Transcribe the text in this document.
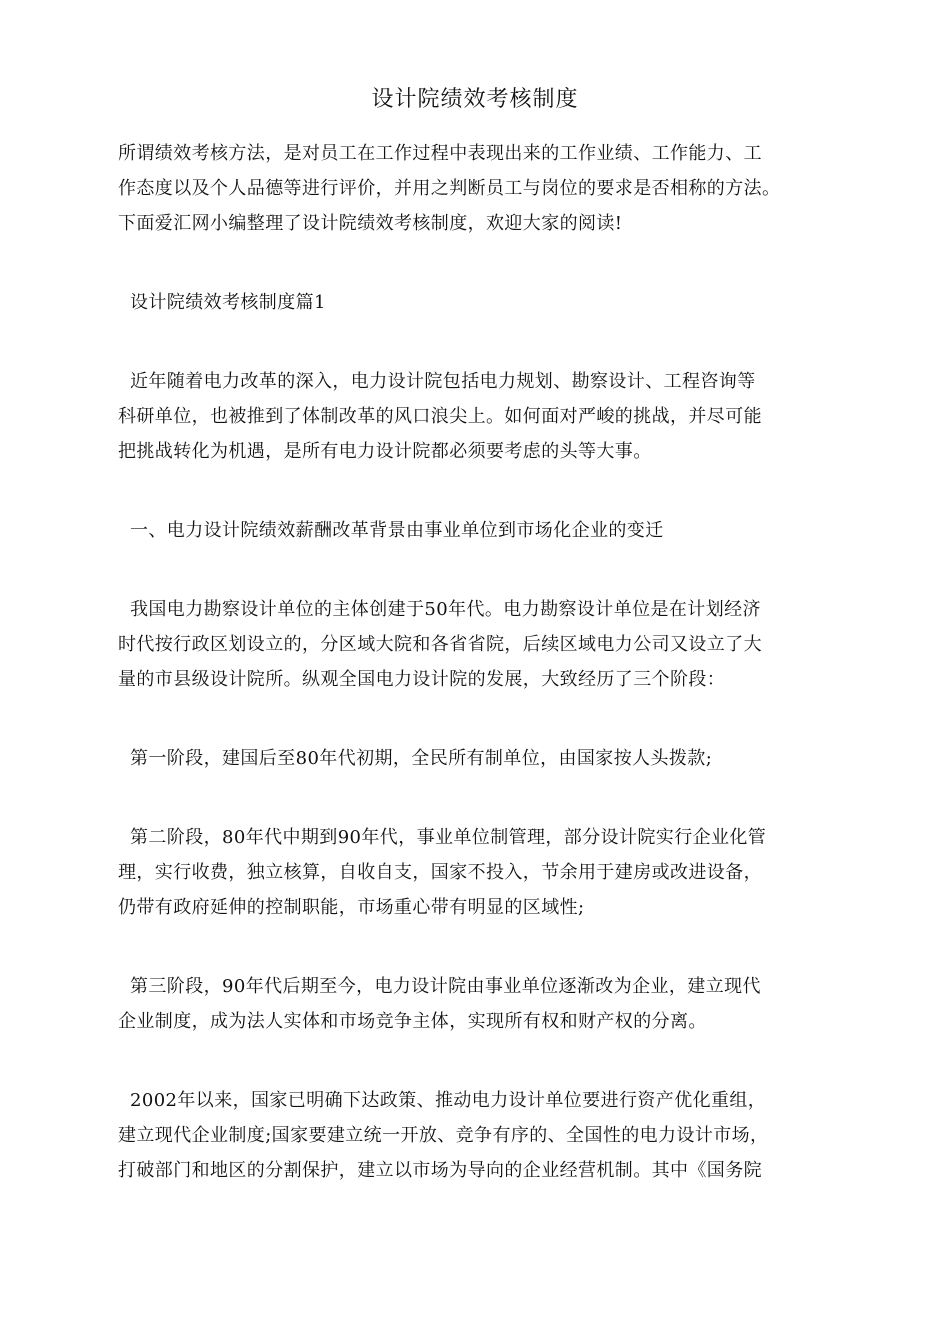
设计院绩效考核制度
所谓绩效考核方法，是对员工在工作过程中表现出来的工作业绩、工作能力、工
作态度以及个人品德等进行评价，并用之判断员工与岗位的要求是否相称的方法。
下面爱汇网小编整理了设计院绩效考核制度，欢迎大家的阅读!
设计院绩效考核制度篇1
近年随着电力改革的深入，电力设计院包括电力规划、勘察设计、工程咨询等
科研单位，也被推到了体制改革的风口浪尖上。如何面对严峻的挑战，并尽可能
把挑战转化为机遇，是所有电力设计院都必须要考虑的头等大事。
一、电力设计院绩效薪酬改革背景由事业单位到市场化企业的变迁
我国电力勘察设计单位的主体创建于50年代。电力勘察设计单位是在计划经济
时代按行政区划设立的，分区域大院和各省省院，后续区域电力公司又设立了大
量的市县级设计院所。纵观全国电力设计院的发展，大致经历了三个阶段：
第一阶段，建国后至80年代初期，全民所有制单位，由国家按人头拨款;
第二阶段，80年代中期到90年代，事业单位制管理，部分设计院实行企业化管
理，实行收费，独立核算，自收自支，国家不投入，节余用于建房或改进设备，
仍带有政府延伸的控制职能，市场重心带有明显的区域性;
第三阶段，90年代后期至今，电力设计院由事业单位逐渐改为企业，建立现代
企业制度，成为法人实体和市场竞争主体，实现所有权和财产权的分离。
2002年以来，国家已明确下达政策、推动电力设计单位要进行资产优化重组，
建立现代企业制度;国家要建立统一开放、竞争有序的、全国性的电力设计市场，
打破部门和地区的分割保护，建立以市场为导向的企业经营机制。其中《国务院
